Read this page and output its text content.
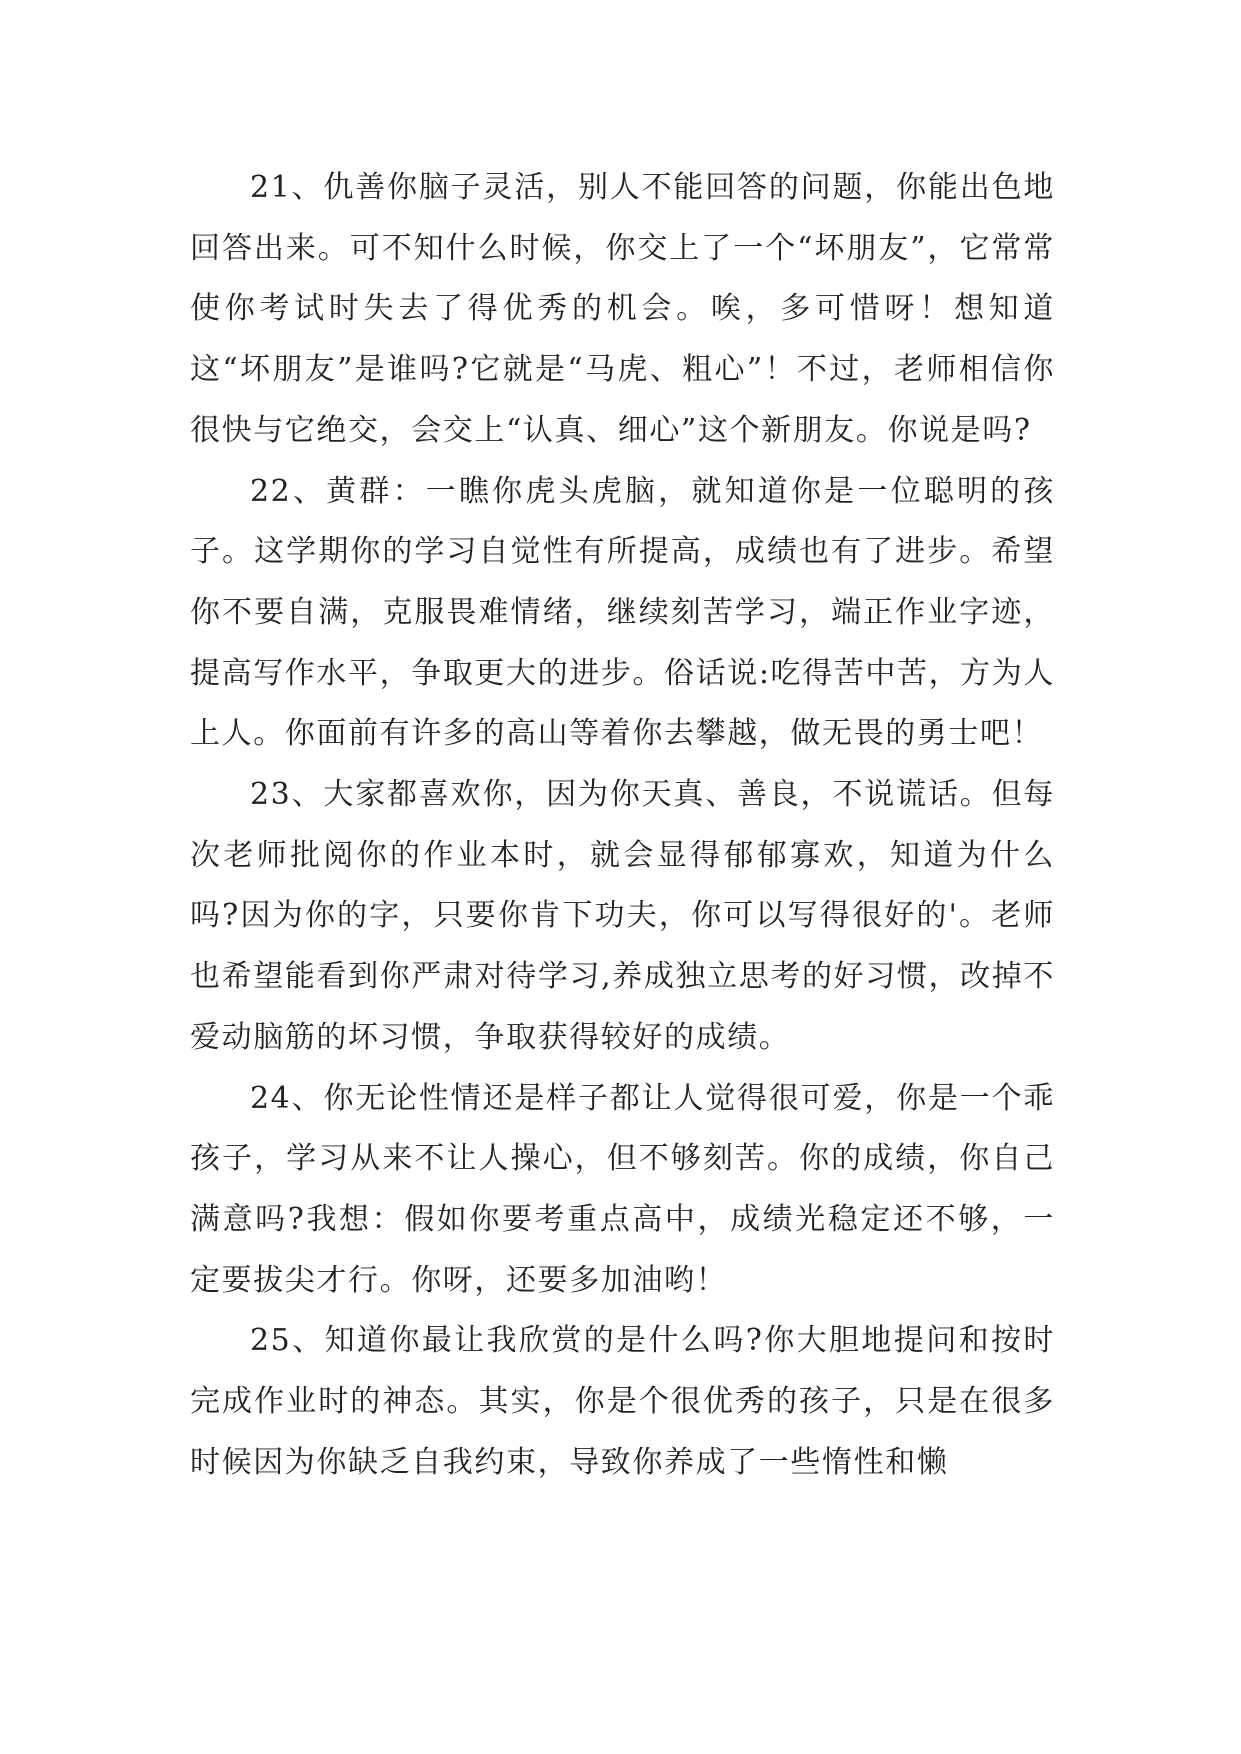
21、仇善你脑子灵活，别人不能回答的问题，你能出色地回答出来。可不知什么时候，你交上了一个“坏朋友”，它常常使你考试时失去了得优秀的机会。唉，多可惜呀！想知道这“坏朋友”是谁吗?它就是“马虎、粗心”！不过，老师相信你很快与它绝交，会交上“认真、细心”这个新朋友。你说是吗?

22、黄群：一瞧你虎头虎脑，就知道你是一位聪明的孩子。这学期你的学习自觉性有所提高，成绩也有了进步。希望你不要自满，克服畏难情绪，继续刻苦学习，端正作业字迹，提高写作水平，争取更大的进步。俗话说:吃得苦中苦，方为人上人。你面前有许多的高山等着你去攀越，做无畏的勇士吧！

23、大家都喜欢你，因为你天真、善良，不说谎话。但每次老师批阅你的作业本时，就会显得郁郁寡欢，知道为什么吗?因为你的字，只要你肯下功夫，你可以写得很好的'。老师也希望能看到你严肃对待学习,养成独立思考的好习惯，改掉不爱动脑筋的坏习惯，争取获得较好的成绩。

24、你无论性情还是样子都让人觉得很可爱，你是一个乖孩子，学习从来不让人操心，但不够刻苦。你的成绩，你自己满意吗?我想：假如你要考重点高中，成绩光稳定还不够，一定要拔尖才行。你呀，还要多加油哟！

25、知道你最让我欣赏的是什么吗?你大胆地提问和按时完成作业时的神态。其实，你是个很优秀的孩子，只是在很多时候因为你缺乏自我约束，导致你养成了一些惰性和懒
